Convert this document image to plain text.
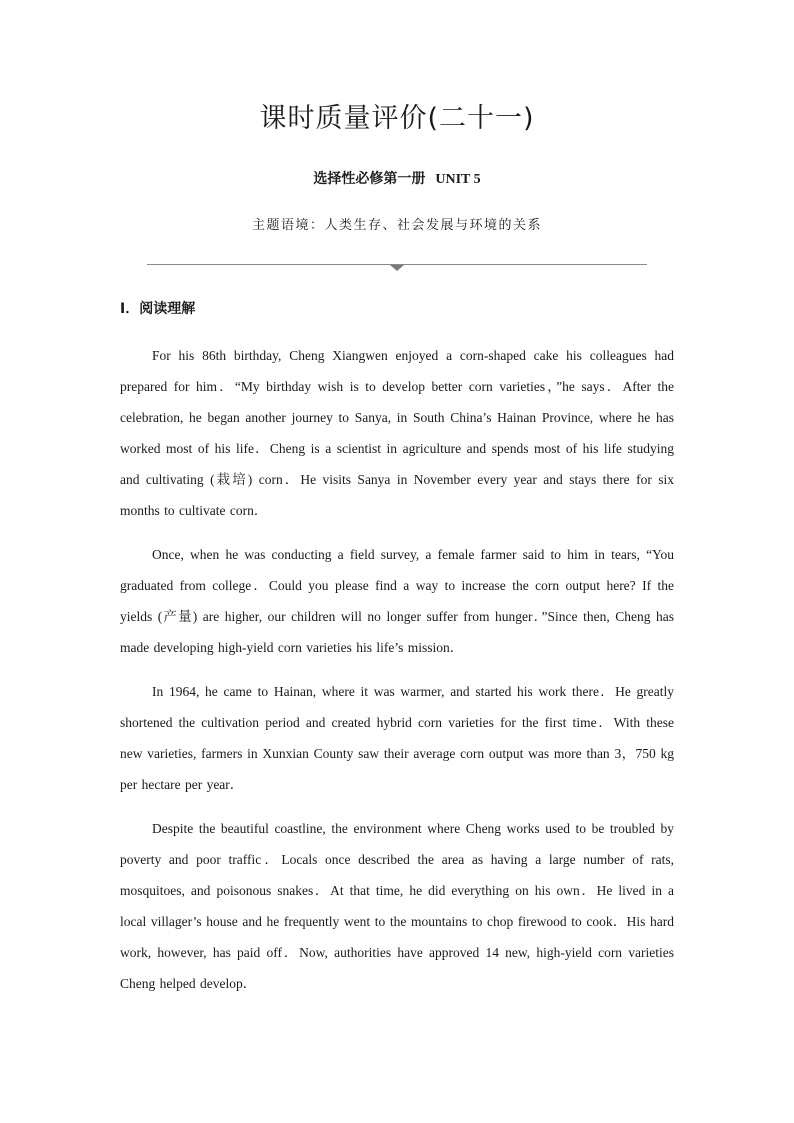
课时质量评价(二十一)

选择性必修第一册 UNIT 5

主题语境：人类生存、社会发展与环境的关系

Ⅰ．阅读理解

For his 86th birthday, Cheng Xiangwen enjoyed a corn-shaped cake his colleagues had prepared for him．“My birthday wish is to develop better corn varieties，”he says．After the celebration, he began another journey to Sanya, in South China’s Hainan Province, where he has worked most of his life．Cheng is a scientist in agriculture and spends most of his life studying and cultivating (栽培) corn．He visits Sanya in November every year and stays there for six months to cultivate corn．

Once, when he was conducting a field survey, a female farmer said to him in tears, “You graduated from college．Could you please find a way to increase the corn output here? If the yields (产量) are higher, our children will no longer suffer from hunger．”Since then, Cheng has made developing high-yield corn varieties his life’s mission．

In 1964, he came to Hainan, where it was warmer, and started his work there．He greatly shortened the cultivation period and created hybrid corn varieties for the first time．With these new varieties, farmers in Xunxian County saw their average corn output was more than 3，750 kg per hectare per year．

Despite the beautiful coastline, the environment where Cheng works used to be troubled by poverty and poor traffic．Locals once described the area as having a large number of rats, mosquitoes, and poisonous snakes．At that time, he did everything on his own．He lived in a local villager’s house and he frequently went to the mountains to chop firewood to cook．His hard work, however, has paid off．Now, authorities have approved 14 new, high-yield corn varieties Cheng helped develop．
